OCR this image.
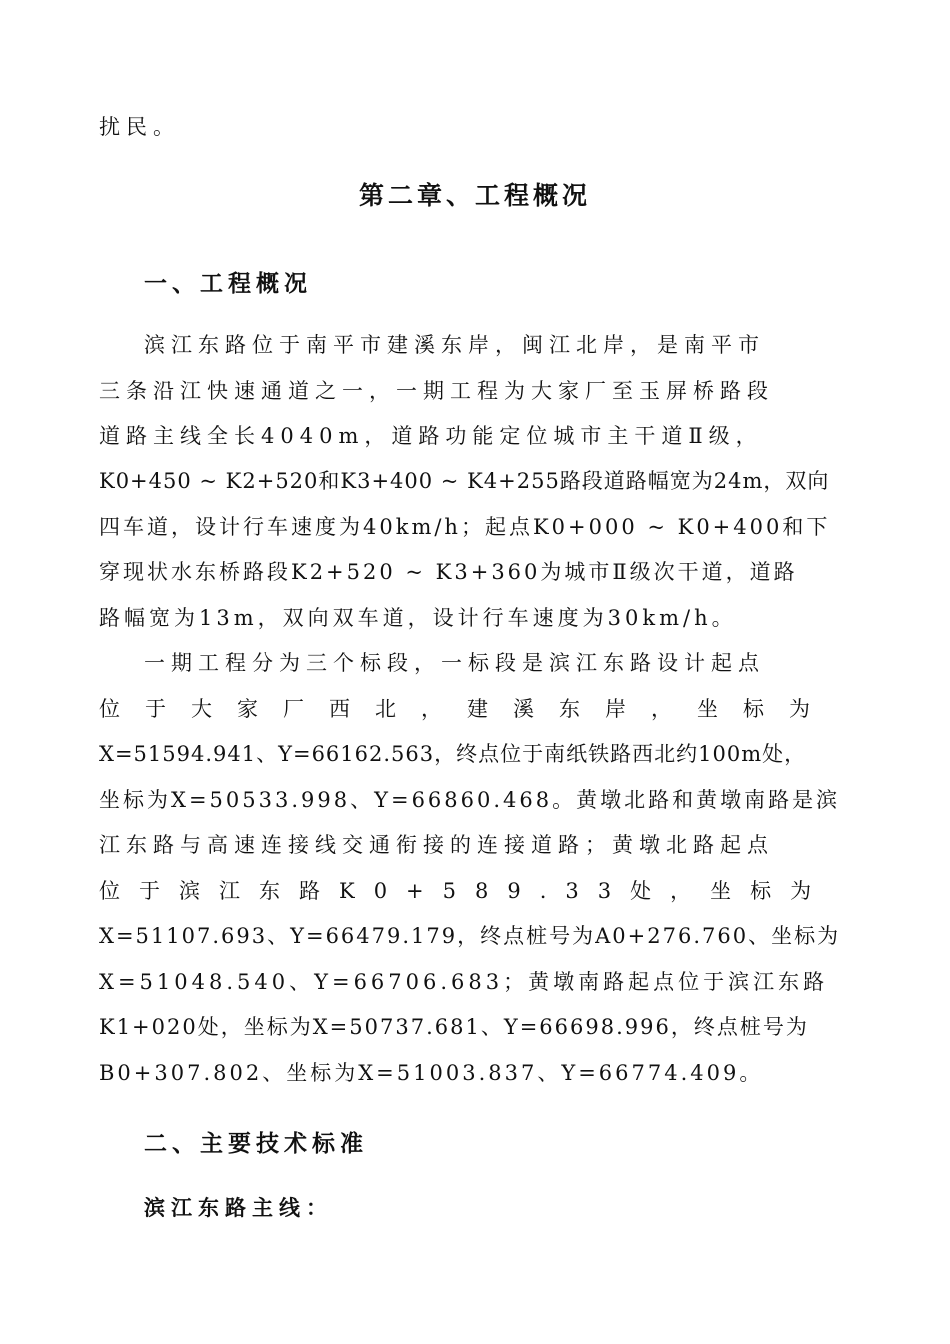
扰民。
第二章、工程概况
一、工程概况
滨江东路位于南平市建溪东岸，闽江北岸，是南平市
三条沿江快速通道之一，一期工程为大家厂至玉屏桥路段
道路主线全长4040m，道路功能定位城市主干道Ⅱ级，
K0+450 ~ K2+520和K3+400 ~ K4+255路段道路幅宽为24m，双向
四车道，设计行车速度为40km/h；起点K0+000 ~ K0+400和下
穿现状水东桥路段K2+520 ~ K3+360为城市Ⅱ级次干道，道路
路幅宽为13m，双向双车道，设计行车速度为30km/h。
一期工程分为三个标段，一标段是滨江东路设计起点
位于大家厂西北，建溪东岸，坐标为
X=51594.941、Y=66162.563，终点位于南纸铁路西北约100m处，
坐标为X=50533.998、Y=66860.468。黄墩北路和黄墩南路是滨
江东路与高速连接线交通衔接的连接道路；黄墩北路起点
位于滨江东路K0+589.33处，坐标为
X=51107.693、Y=66479.179，终点桩号为A0+276.760、坐标为
X=51048.540、Y=66706.683；黄墩南路起点位于滨江东路
K1+020处，坐标为X=50737.681、Y=66698.996，终点桩号为
B0+307.802、坐标为X=51003.837、Y=66774.409。
二、主要技术标准
滨江东路主线：
